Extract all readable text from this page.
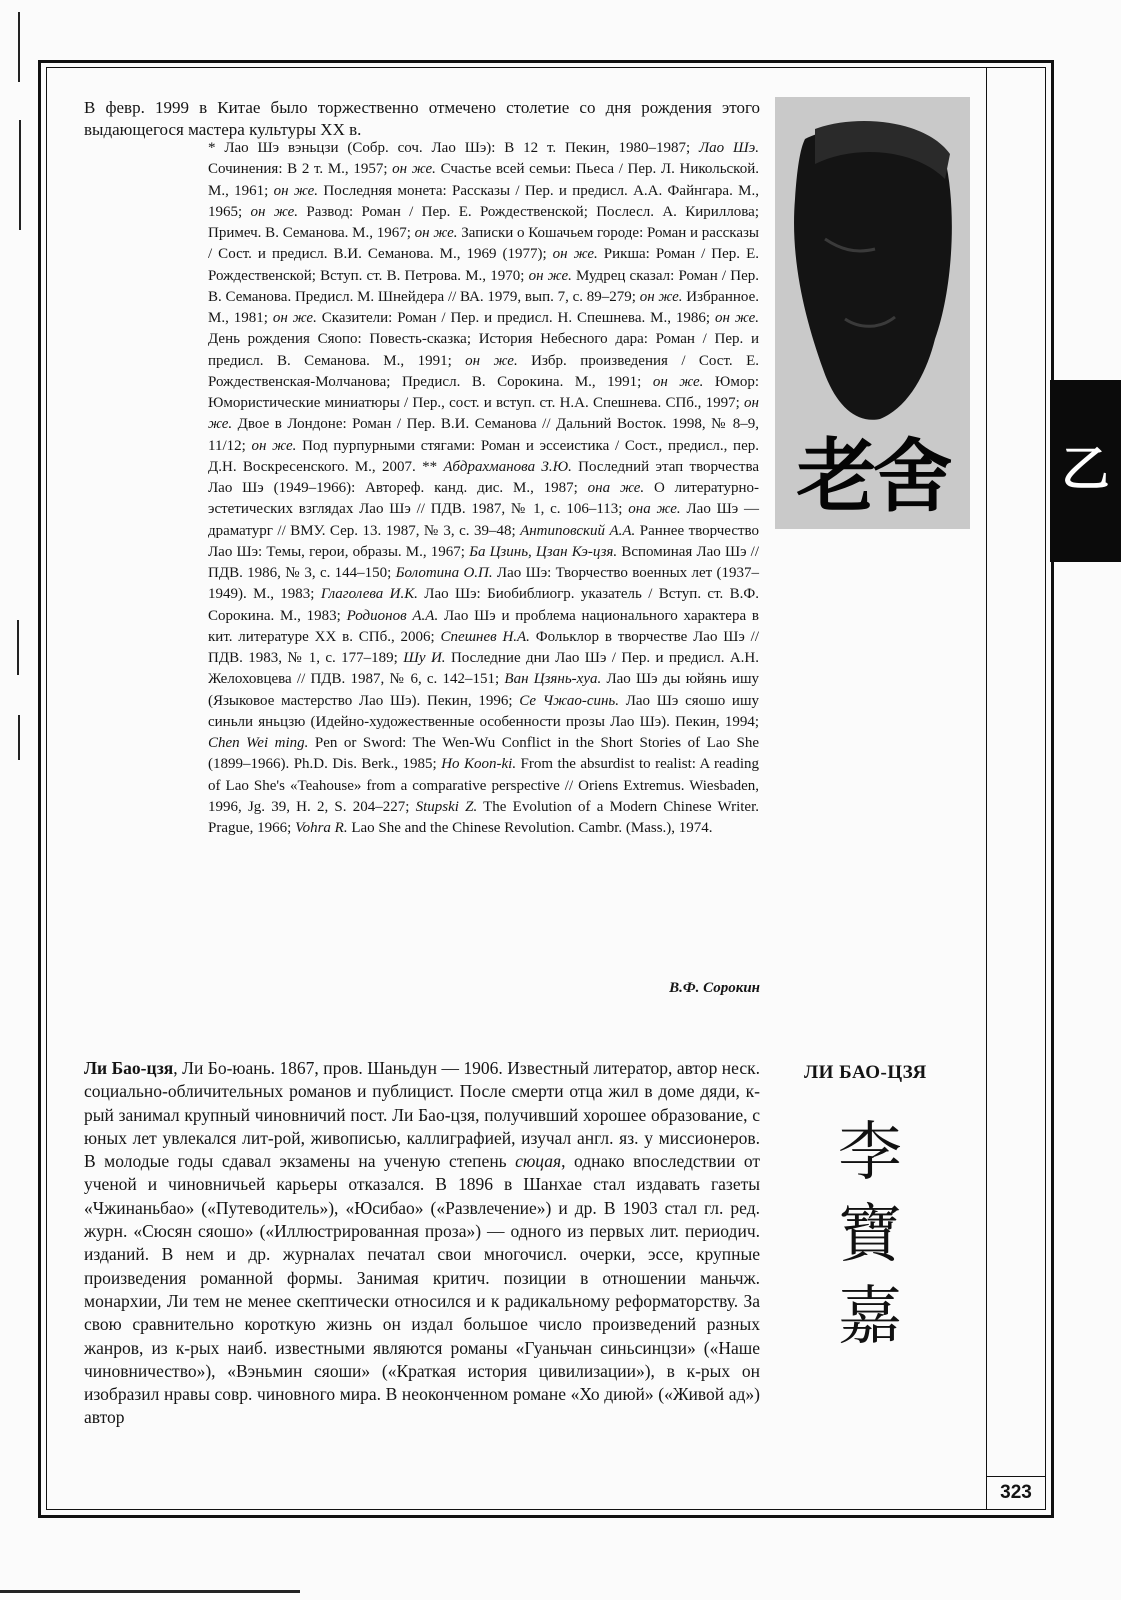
В февр. 1999 в Китае было торжественно отмечено столетие со дня рождения этого выдающегося мастера культуры XX в.
* Лао Шэ вэньцзи (Собр. соч. Лао Шэ): В 12 т. Пекин, 1980–1987; Лао Шэ. Сочинения: В 2 т. М., 1957; он же. Счастье всей семьи: Пьеса / Пер. Л. Никольской. М., 1961; он же. Последняя монета: Рассказы / Пер. и предисл. А.А. Файнгара. М., 1965; он же. Развод: Роман / Пер. Е. Рождественской; Послесл. А. Кириллова; Примеч. В. Семанова. М., 1967; он же. Записки о Кошачьем городе: Роман и рассказы / Сост. и предисл. В.И. Семанова. М., 1969 (1977); он же. Рикша: Роман / Пер. Е. Рождественской; Вступ. ст. В. Петрова. М., 1970; он же. Мудрец сказал: Роман / Пер. В. Семанова. Предисл. М. Шнейдера // ВА. 1979, вып. 7, с. 89–279; он же. Избранное. М., 1981; он же. Сказители: Роман / Пер. и предисл. Н. Спешнева. М., 1986; он же. День рождения Сяопо: Повесть-сказка; История Небесного дара: Роман / Пер. и предисл. В. Семанова. М., 1991; он же. Избр. произведения / Сост. Е. Рождественская-Молчанова; Предисл. В. Сорокина. М., 1991; он же. Юмор: Юмористические миниатюры / Пер., сост. и вступ. ст. Н.А. Спешнева. СПб., 1997; он же. Двое в Лондоне: Роман / Пер. В.И. Семанова // Дальний Восток. 1998, № 8–9, 11/12; он же. Под пурпурными стягами: Роман и эссеистика / Сост., предисл., пер. Д.Н. Воскресенского. М., 2007. ** Абдрахманова З.Ю. Последний этап творчества Лао Шэ (1949–1966): Автореф. канд. дис. М., 1987; она же. О литературно-эстетических взглядах Лао Шэ // ПДВ. 1987, № 1, с. 106–113; она же. Лао Шэ — драматург // ВМУ. Сер. 13. 1987, № 3, с. 39–48; Антиповский А.А. Раннее творчество Лао Шэ: Темы, герои, образы. М., 1967; Ба Цзинь, Цзан Кэ-цзя. Вспоминая Лао Шэ // ПДВ. 1986, № 3, с. 144–150; Болотина О.П. Лао Шэ: Творчество военных лет (1937–1949). М., 1983; Глаголева И.К. Лао Шэ: Биобиблиогр. указатель / Вступ. ст. В.Ф. Сорокина. М., 1983; Родионов А.А. Лао Шэ и проблема национального характера в кит. литературе XX в. СПб., 2006; Спешнев Н.А. Фольклор в творчестве Лао Шэ // ПДВ. 1983, № 1, с. 177–189; Шу И. Последние дни Лао Шэ / Пер. и предисл. А.Н. Желоховцева // ПДВ. 1987, № 6, с. 142–151; Ван Цзянь-хуа. Лао Шэ ды юйянь ишу (Языковое мастерство Лао Шэ). Пекин, 1996; Се Чжао-синь. Лао Шэ сяошо ишу синьли яньцзю (Идейно-художественные особенности прозы Лао Шэ). Пекин, 1994; Chen Wei ming. Pen or Sword: The Wen-Wu Conflict in the Short Stories of Lao She (1899–1966). Ph.D. Dis. Berk., 1985; Ho Koon-ki. From the absurdist to realist: A reading of Lao She's «Teahouse» from a comparative perspective // Oriens Extremus. Wiesbaden, 1996, Jg. 39, H. 2, S. 204–227; Stupski Z. The Evolution of a Modern Chinese Writer. Prague, 1966; Vohra R. Lao She and the Chinese Revolution. Cambr. (Mass.), 1974.
В.Ф. Сорокин
老舍	乙
Ли Бао-цзя, Ли Бо-юань. 1867, пров. Шаньдун — 1906. Известный литератор, автор неск. социально-обличительных романов и публицист. После смерти отца жил в доме дяди, к-рый занимал крупный чиновничий пост. Ли Бао-цзя, получивший хорошее образование, с юных лет увлекался лит-рой, живописью, каллиграфией, изучал англ. яз. у миссионеров. В молодые годы сдавал экзамены на ученую степень сюцая, однако впоследствии от ученой и чиновничьей карьеры отказался. В 1896 в Шанхае стал издавать газеты «Чжинаньбао» («Путеводитель»), «Юсибао» («Развлечение») и др. В 1903 стал гл. ред. журн. «Сюсян сяошо» («Иллюстрированная проза») — одного из первых лит. периодич. изданий. В нем и др. журналах печатал свои многочисл. очерки, эссе, крупные произведения романной формы. Занимая критич. позиции в отношении маньчж. монархии, Ли тем не менее скептически относился и к радикальному реформаторству. За свою сравнительно короткую жизнь он издал большое число произведений разных жанров, из к-рых наиб. известными являются романы «Гуаньчан синьсинцзи» («Наше чиновничество»), «Вэньмин сяоши» («Краткая история цивилизации»), в к-рых он изобразил нравы совр. чиновного мира. В неоконченном романе «Хо диюй» («Живой ад») автор
ЛИ БАО-ЦЗЯ
李
寶
嘉
323
